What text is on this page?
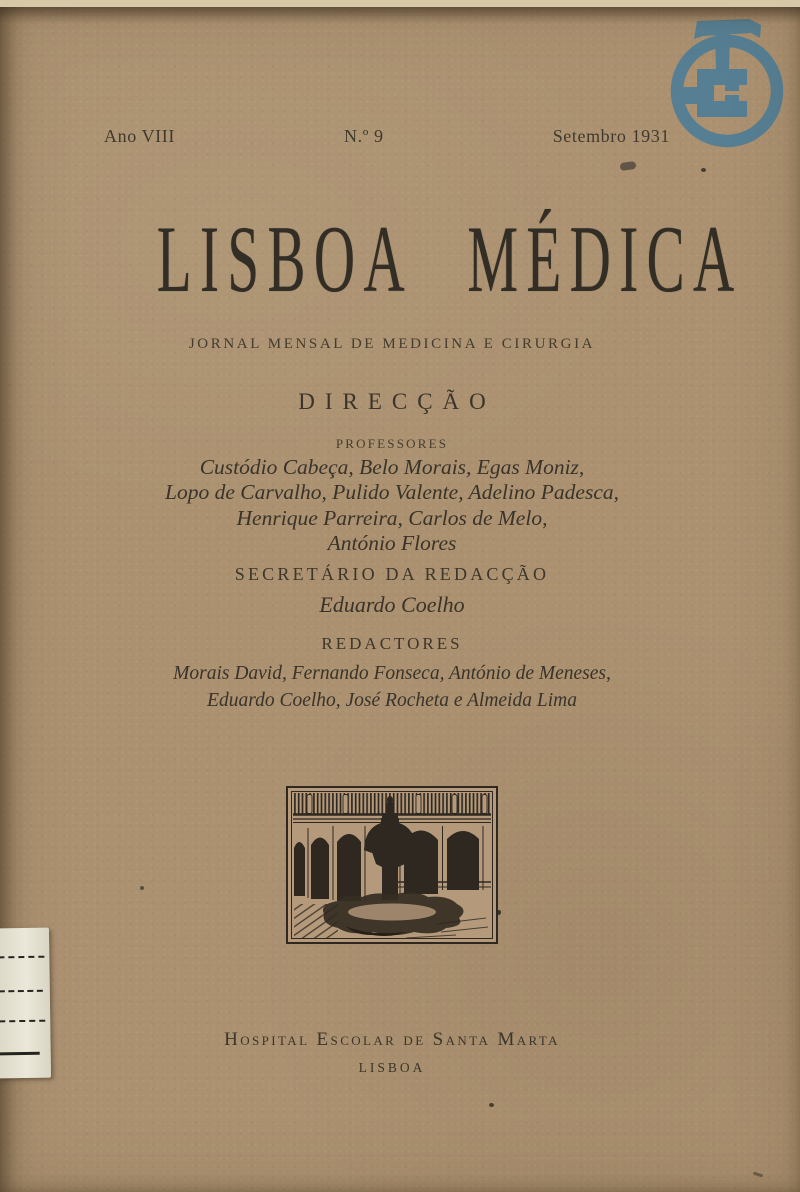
Ano VIII	N.º 9	Setembro 1931
LISBOA MÉDICA
JORNAL MENSAL DE MEDICINA E CIRURGIA
DIRECÇÃO
PROFESSORES
Custódio Cabeça, Belo Morais, Egas Moniz,
Lopo de Carvalho, Pulido Valente, Adelino Padesca,
Henrique Parreira, Carlos de Melo,
António Flores
SECRETÁRIO DA REDACÇÃO
Eduardo Coelho
REDACTORES
Morais David, Fernando Fonseca, António de Meneses,
Eduardo Coelho, José Rocheta e Almeida Lima
Hospital Escolar de Santa Marta
LISBOA
